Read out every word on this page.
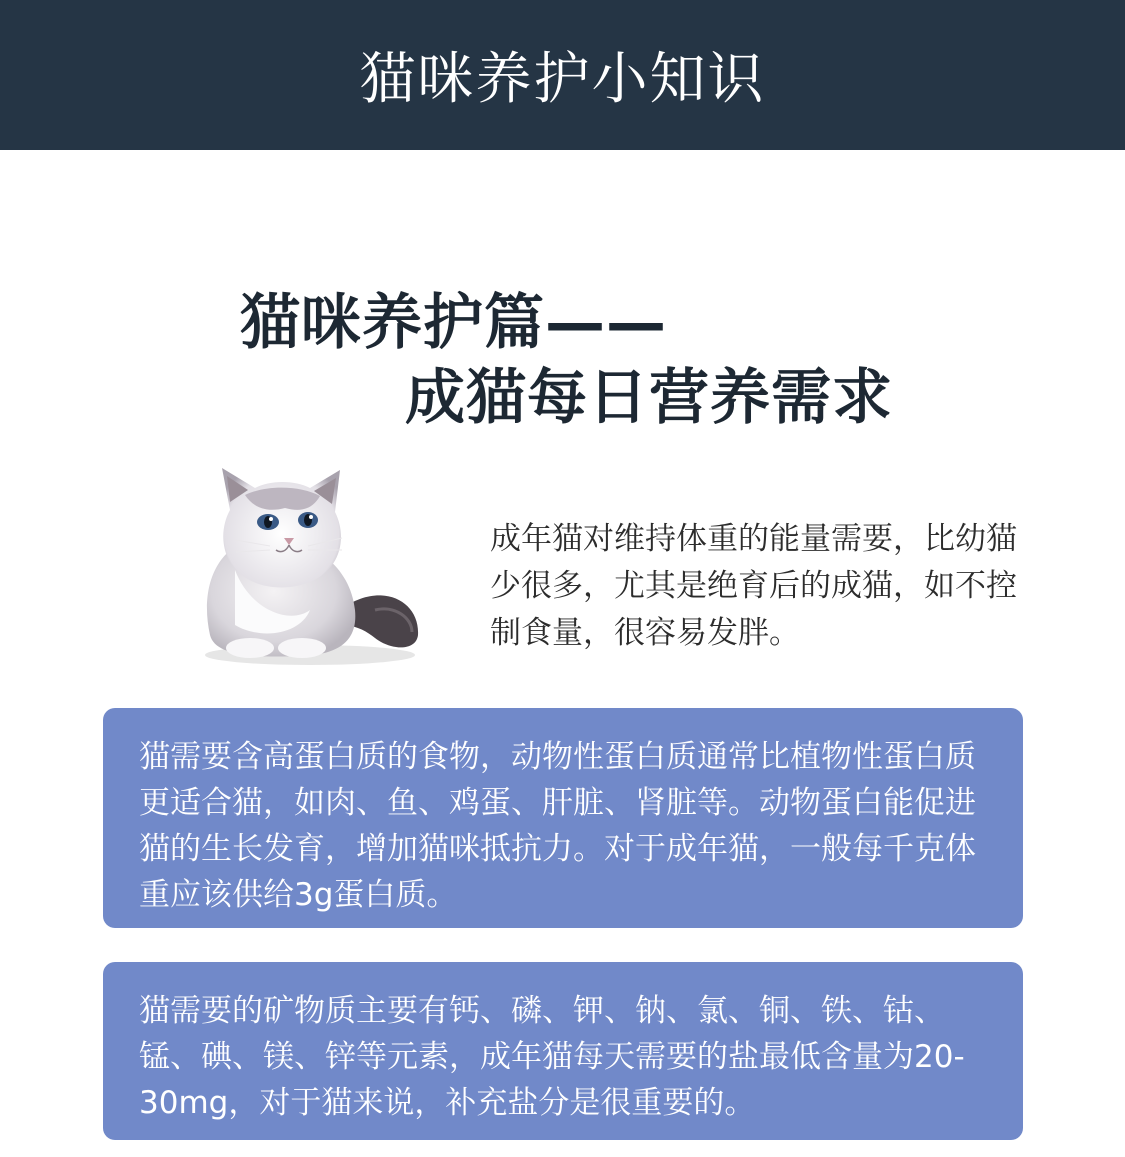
猫咪养护小知识
猫咪养护篇——
成猫每日营养需求
成年猫对维持体重的能量需要，比幼猫少很多，尤其是绝育后的成猫，如不控制食量，很容易发胖。
猫需要含高蛋白质的食物，动物性蛋白质通常比植物性蛋白质更适合猫，如肉、鱼、鸡蛋、肝脏、肾脏等。动物蛋白能促进猫的生长发育，增加猫咪抵抗力。对于成年猫，一般每千克体重应该供给3g蛋白质。
猫需要的矿物质主要有钙、磷、钾、钠、氯、铜、铁、钴、锰、碘、镁、锌等元素，成年猫每天需要的盐最低含量为20-30mg，对于猫来说，补充盐分是很重要的。
